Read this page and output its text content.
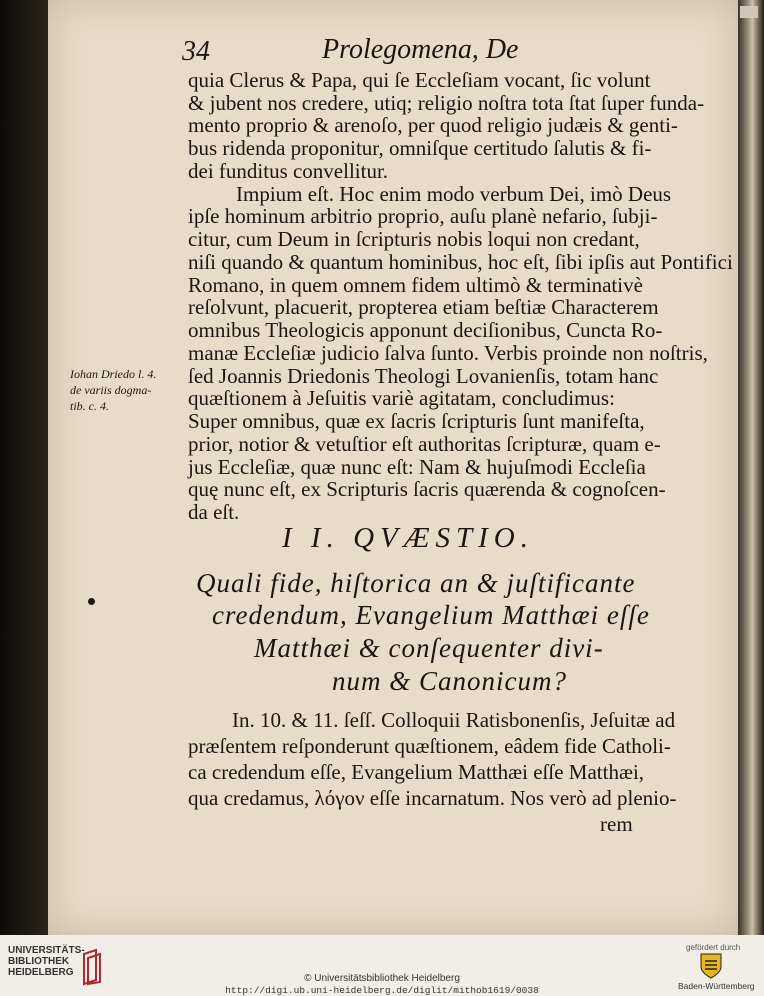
34	Prolegomena, De
quia Clerus & Papa, qui ſe Eccleſiam vocant, ſic volunt
& jubent nos credere, utiq; religio noſtra tota ſtat ſuper funda-
mento proprio & arenoſo, per quod religio judæis & genti-
bus ridenda proponitur, omniſque certitudo ſalutis & fi-
dei funditus convellitur.
Impium eſt. Hoc enim modo verbum Dei, imò Deus
ipſe hominum arbitrio proprio, auſu planè nefario, ſubji-
citur, cum Deum in ſcripturis nobis loqui non credant,
niſi quando & quantum hominibus, hoc eſt, ſibi ipſis aut Pontifici
Romano, in quem omnem fidem ultimò & terminativè
reſolvunt, placuerit, propterea etiam beſtiæ Characterem
omnibus Theologicis apponunt deciſionibus, Cuncta Ro-
manæ Eccleſiæ judicio ſalva ſunto. Verbis proinde non noſtris,
ſed Joannis Driedonis Theologi Lovanienſis, totam hanc
quæſtionem à Jeſuitis variè agitatam, concludimus:
Super omnibus, quæ ex ſacris ſcripturis ſunt manifeſta,
prior, notior & vetuſtior eſt authoritas ſcripturæ, quam e-
jus Eccleſiæ, quæ nunc eſt: Nam & hujuſmodi Eccleſia
quę nunc eſt, ex Scripturis ſacris quærenda & cognoſcen-
da eſt.
Iohan Driedo l. 4.
de variis dogma-
tib. c. 4.
I I. QVÆSTIO.
Quali fide, hiſtorica an & juſtificante
credendum, Evangelium Matthæi eſſe
Matthæi & conſequenter divi-
num & Canonicum?
In. 10. & 11. ſeſſ. Colloquii Ratisbonenſis, Jeſuitæ ad
præſentem reſponderunt quæſtionem, eâdem fide Catholi-
ca credendum eſſe, Evangelium Matthæi eſſe Matthæi,
qua credamus, λόγον eſſe incarnatum. Nos verò ad plenio-
rem
UNIVERSITÄTS-
BIBLIOTHEK
HEIDELBERG
© Universitätsbibliothek Heidelberg
http://digi.ub.uni-heidelberg.de/diglit/mithob1619/0038
gefördert durch
Baden-Württemberg
